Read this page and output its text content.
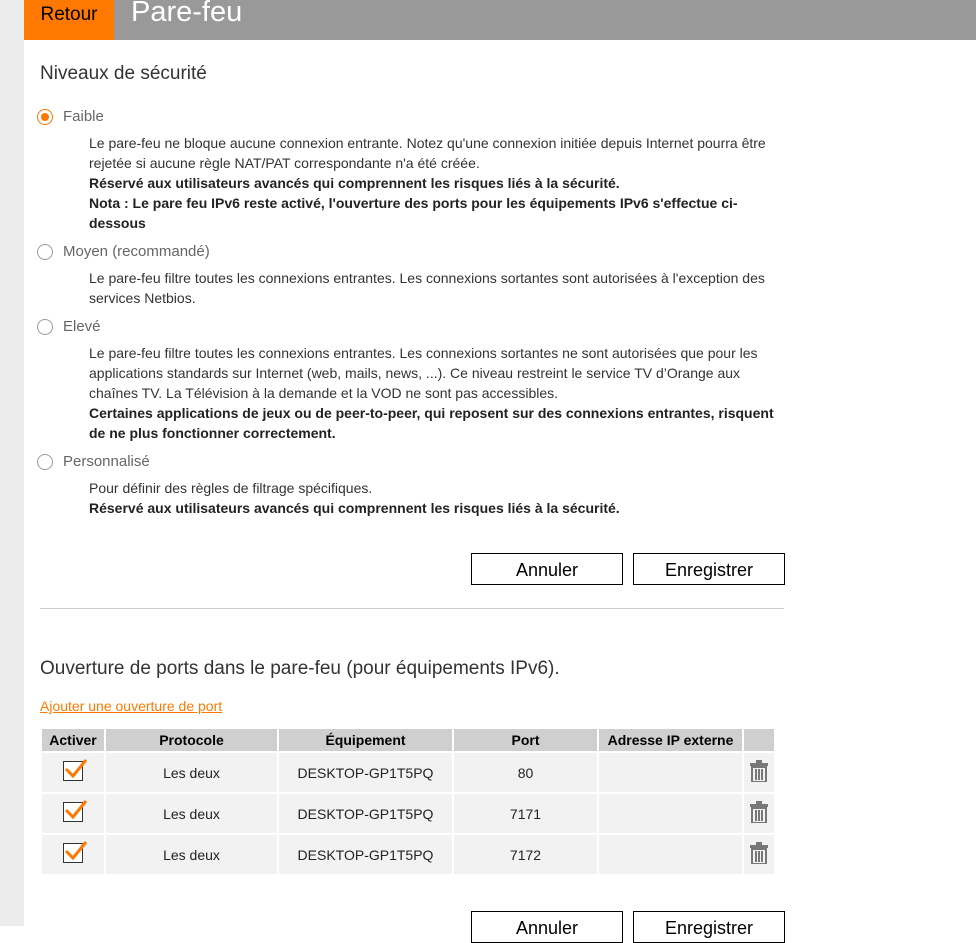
Retour	Pare-feu
Niveaux de sécurité
Faible

Le pare-feu ne bloque aucune connexion entrante. Notez qu'une connexion initiée depuis Internet pourra être rejetée si aucune règle NAT/PAT correspondante n'a été créée.

Réservé aux utilisateurs avancés qui comprennent les risques liés à la sécurité.

Nota : Le pare feu IPv6 reste activé, l'ouverture des ports pour les équipements IPv6 s'effectue ci-dessous

Moyen (recommandé)

Le pare-feu filtre toutes les connexions entrantes. Les connexions sortantes sont autorisées à l'exception des services Netbios.

Elevé

Le pare-feu filtre toutes les connexions entrantes. Les connexions sortantes ne sont autorisées que pour les applications standards sur Internet (web, mails, news, ...). Ce niveau restreint le service TV d’Orange aux chaînes TV. La Télévision à la demande et la VOD ne sont pas accessibles.

Certaines applications de jeux ou de peer-to-peer, qui reposent sur des connexions entrantes, risquent de ne plus fonctionner correctement.

Personnalisé

Pour définir des règles de filtrage spécifiques.

Réservé aux utilisateurs avancés qui comprennent les risques liés à la sécurité.

Annuler	Enregistrer
Ouverture de ports dans le pare-feu (pour équipements IPv6).
Ajouter une ouverture de port
Activer	Protocole	Équipement	Port	Adresse IP externe	

	Les deux	DESKTOP-GP1T5PQ	80		

	Les deux	DESKTOP-GP1T5PQ	7171		

	Les deux	DESKTOP-GP1T5PQ	7172		
Annuler	Enregistrer
